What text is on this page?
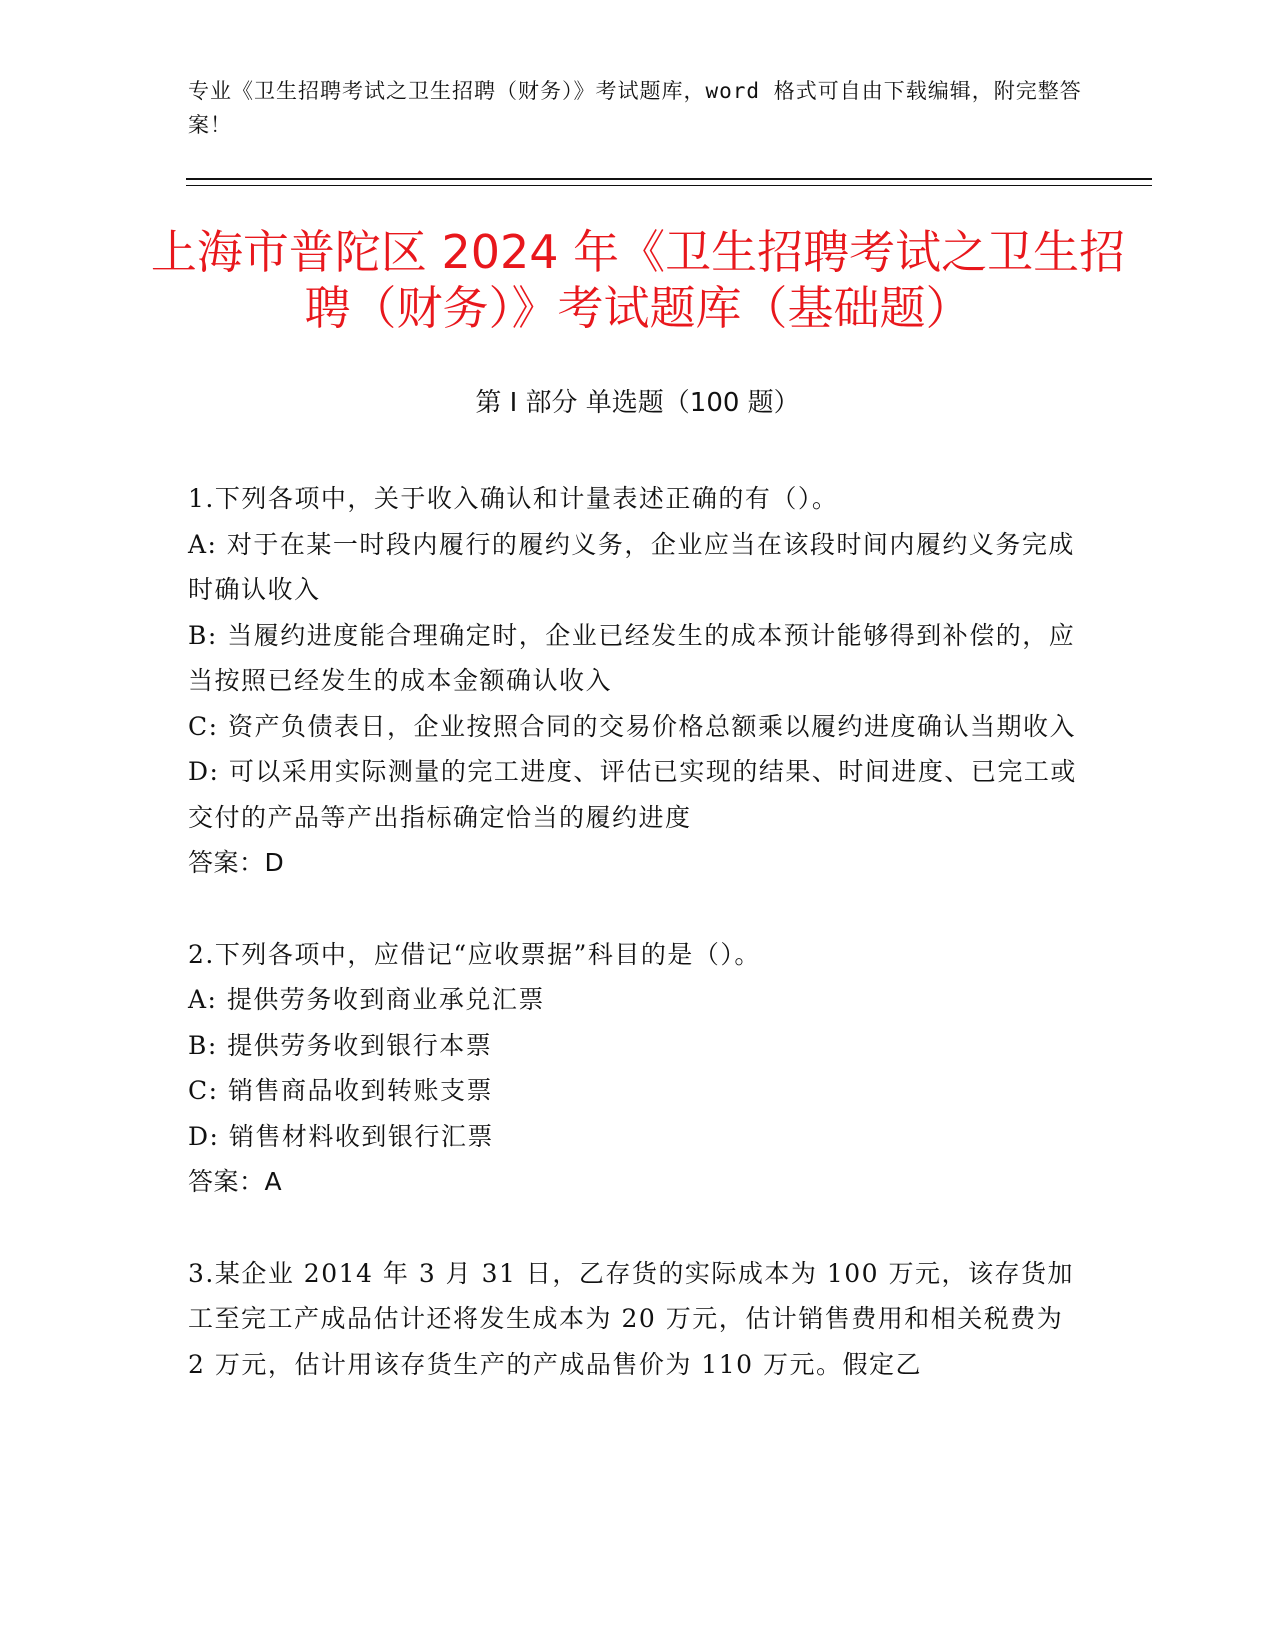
专业《卫生招聘考试之卫生招聘（财务）》考试题库，word 格式可自由下载编辑，附完整答案！
上海市普陀区 2024 年《卫生招聘考试之卫生招聘（财务）》考试题库（基础题）
第 I 部分 单选题（100 题）

1.下列各项中，关于收入确认和计量表述正确的有（）。

A: 对于在某一时段内履行的履约义务，企业应当在该段时间内履约义务完成时确认收入

B: 当履约进度能合理确定时，企业已经发生的成本预计能够得到补偿的，应当按照已经发生的成本金额确认收入

C: 资产负债表日，企业按照合同的交易价格总额乘以履约进度确认当期收入

D: 可以采用实际测量的完工进度、评估已实现的结果、时间进度、已完工或交付的产品等产出指标确定恰当的履约进度

答案：D

2.下列各项中，应借记“应收票据”科目的是（）。

A: 提供劳务收到商业承兑汇票

B: 提供劳务收到银行本票

C: 销售商品收到转账支票

D: 销售材料收到银行汇票

答案：A

3.某企业 2014 年 3 月 31 日，乙存货的实际成本为 100 万元，该存货加工至完工产成品估计还将发生成本为 20 万元，估计销售费用和相关税费为 2 万元，估计用该存货生产的产成品售价为 110 万元。假定乙
